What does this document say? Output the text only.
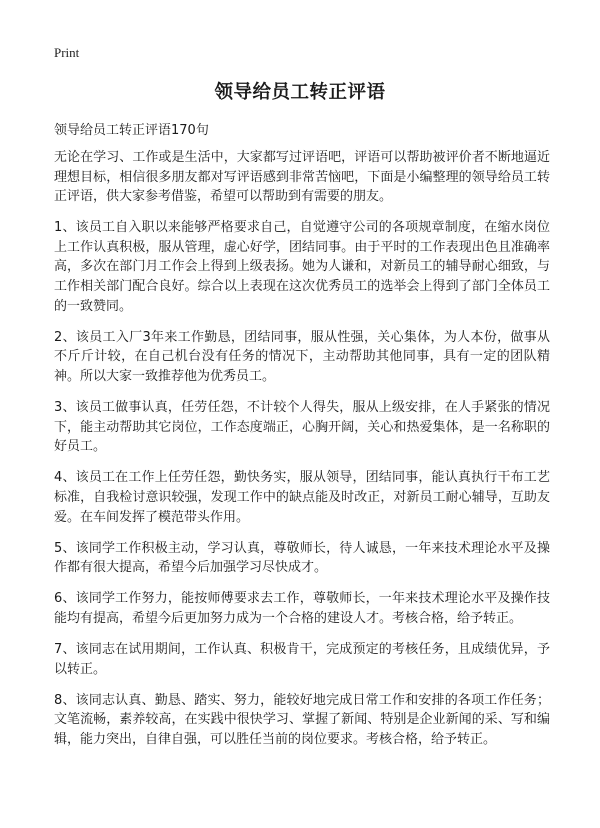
Print
领导给员工转正评语

领导给员工转正评语170句

无论在学习、工作或是生活中，大家都写过评语吧，评语可以帮助被评价者不断地逼近理想目标，相信很多朋友都对写评语感到非常苦恼吧，下面是小编整理的领导给员工转正评语，供大家参考借鉴，希望可以帮助到有需要的朋友。

1、该员工自入职以来能够严格要求自己，自觉遵守公司的各项规章制度，在缩水岗位上工作认真积极，服从管理，虚心好学，团结同事。由于平时的工作表现出色且准确率高，多次在部门月工作会上得到上级表扬。她为人谦和，对新员工的辅导耐心细致，与工作相关部门配合良好。综合以上表现在这次优秀员工的选举会上得到了部门全体员工的一致赞同。

2、该员工入厂3年来工作勤恳，团结同事，服从性强，关心集体，为人本份，做事从不斤斤计较，在自己机台没有任务的情况下，主动帮助其他同事，具有一定的团队精神。所以大家一致推荐他为优秀员工。

3、该员工做事认真，任劳任怨，不计较个人得失，服从上级安排，在人手紧张的情况下，能主动帮助其它岗位，工作态度端正，心胸开阔，关心和热爱集体，是一名称职的好员工。

4、该员工在工作上任劳任怨，勤快务实，服从领导，团结同事，能认真执行干布工艺标准，自我检讨意识较强，发现工作中的缺点能及时改正，对新员工耐心辅导，互助友爱。在车间发挥了模范带头作用。

5、该同学工作积极主动，学习认真，尊敬师长，待人诚恳，一年来技术理论水平及操作都有很大提高，希望今后加强学习尽快成才。

6、该同学工作努力，能按师傅要求去工作，尊敬师长，一年来技术理论水平及操作技能均有提高，希望今后更加努力成为一个合格的建设人才。考核合格，给予转正。

7、该同志在试用期间，工作认真、积极肯干，完成预定的考核任务，且成绩优异，予以转正。

8、该同志认真、勤恳、踏实、努力，能较好地完成日常工作和安排的各项工作任务；文笔流畅，素养较高，在实践中很快学习、掌握了新闻、特别是企业新闻的采、写和编辑，能力突出，自律自强，可以胜任当前的岗位要求。考核合格，给予转正。
